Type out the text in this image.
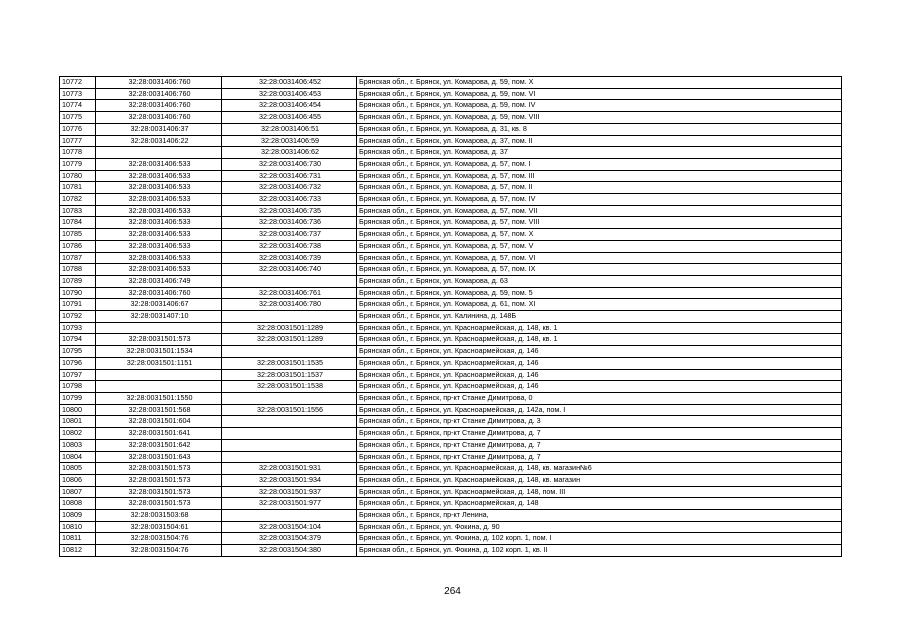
10772	32:28:0031406:760	32:28:0031406:452	Брянская обл., г. Брянск, ул. Комарова, д. 59, пом. X
10773	32:28:0031406:760	32:28:0031406:453	Брянская обл., г. Брянск, ул. Комарова, д. 59, пом. VI
10774	32:28:0031406:760	32:28:0031406:454	Брянская обл., г. Брянск, ул. Комарова, д. 59, пом. IV
10775	32:28:0031406:760	32:28:0031406:455	Брянская обл., г. Брянск, ул. Комарова, д. 59, пом. VIII
10776	32:28:0031406:37	32:28:0031406:51	Брянская обл., г. Брянск, ул. Комарова, д. 31, кв. 8
10777	32:28:0031406:22	32:28:0031406:59	Брянская обл., г. Брянск, ул. Комарова, д. 37, пом. II
10778		32:28:0031406:62	Брянская обл., г. Брянск, ул. Комарова, д. 37
10779	32:28:0031406:533	32:28:0031406:730	Брянская обл., г. Брянск, ул. Комарова, д. 57, пом. I
10780	32:28:0031406:533	32:28:0031406:731	Брянская обл., г. Брянск, ул. Комарова, д. 57, пом. III
10781	32:28:0031406:533	32:28:0031406:732	Брянская обл., г. Брянск, ул. Комарова, д. 57, пом. II
10782	32:28:0031406:533	32:28:0031406:733	Брянская обл., г. Брянск, ул. Комарова, д. 57, пом. IV
10783	32:28:0031406:533	32:28:0031406:735	Брянская обл., г. Брянск, ул. Комарова, д. 57, пом. VII
10784	32:28:0031406:533	32:28:0031406:736	Брянская обл., г. Брянск, ул. Комарова, д. 57, пом. VIII
10785	32:28:0031406:533	32:28:0031406:737	Брянская обл., г. Брянск, ул. Комарова, д. 57, пом. X
10786	32:28:0031406:533	32:28:0031406:738	Брянская обл., г. Брянск, ул. Комарова, д. 57, пом. V
10787	32:28:0031406:533	32:28:0031406:739	Брянская обл., г. Брянск, ул. Комарова, д. 57, пом. VI
10788	32:28:0031406:533	32:28:0031406:740	Брянская обл., г. Брянск, ул. Комарова, д. 57, пом. IX
10789	32:28:0031406:749		Брянская обл., г. Брянск, ул. Комарова, д. 63
10790	32:28:0031406:760	32:28:0031406:761	Брянская обл., г. Брянск, ул. Комарова, д. 59, пом. 5
10791	32:28:0031406:67	32:28:0031406:780	Брянская обл., г. Брянск, ул. Комарова, д. 61, пом. XI
10792	32:28:0031407:10		Брянская обл., г. Брянск, ул. Калинина, д. 148Б
10793		32:28:0031501:1289	Брянская обл., г. Брянск, ул. Красноармейская, д. 148, кв. 1
10794	32:28:0031501:573	32:28:0031501:1289	Брянская обл., г. Брянск, ул. Красноармейская, д. 148, кв. 1
10795	32:28:0031501:1534		Брянская обл., г. Брянск, ул. Красноармейская, д. 146
10796	32:28:0031501:1151	32:28:0031501:1535	Брянская обл., г. Брянск, ул. Красноармейская, д. 146
10797		32:28:0031501:1537	Брянская обл., г. Брянск, ул. Красноармейская, д. 146
10798		32:28:0031501:1538	Брянская обл., г. Брянск, ул. Красноармейская, д. 146
10799	32:28:0031501:1550		Брянская обл., г. Брянск, пр-кт Станке Димитрова, 0
10800	32:28:0031501:568	32:28:0031501:1556	Брянская обл., г. Брянск, ул. Красноармейская, д. 142а, пом. I
10801	32:28:0031501:604		Брянская обл., г. Брянск, пр-кт Станке Димитрова, д. 3
10802	32:28:0031501:641		Брянская обл., г. Брянск, пр-кт Станке Димитрова, д. 7
10803	32:28:0031501:642		Брянская обл., г. Брянск, пр-кт Станке Димитрова, д. 7
10804	32:28:0031501:643		Брянская обл., г. Брянск, пр-кт Станке Димитрова, д. 7
10805	32:28:0031501:573	32:28:0031501:931	Брянская обл., г. Брянск, ул. Красноармейская, д. 148, кв. магазин№6
10806	32:28:0031501:573	32:28:0031501:934	Брянская обл., г. Брянск, ул. Красноармейская, д. 148, кв. магазин
10807	32:28:0031501:573	32:28:0031501:937	Брянская обл., г. Брянск, ул. Красноармейская, д. 148, пом. III
10808	32:28:0031501:573	32:28:0031501:977	Брянская обл., г. Брянск, ул. Красноармейская, д. 148
10809	32:28:0031503:68		Брянская обл., г. Брянск, пр-кт Ленина,
10810	32:28:0031504:61	32:28:0031504:104	Брянская обл., г. Брянск, ул. Фокина, д. 90
10811	32:28:0031504:76	32:28:0031504:379	Брянская обл., г. Брянск, ул. Фокина, д. 102 корп. 1, пом. I
10812	32:28:0031504:76	32:28:0031504:380	Брянская обл., г. Брянск, ул. Фокина, д. 102 корп. 1, кв. II
264
